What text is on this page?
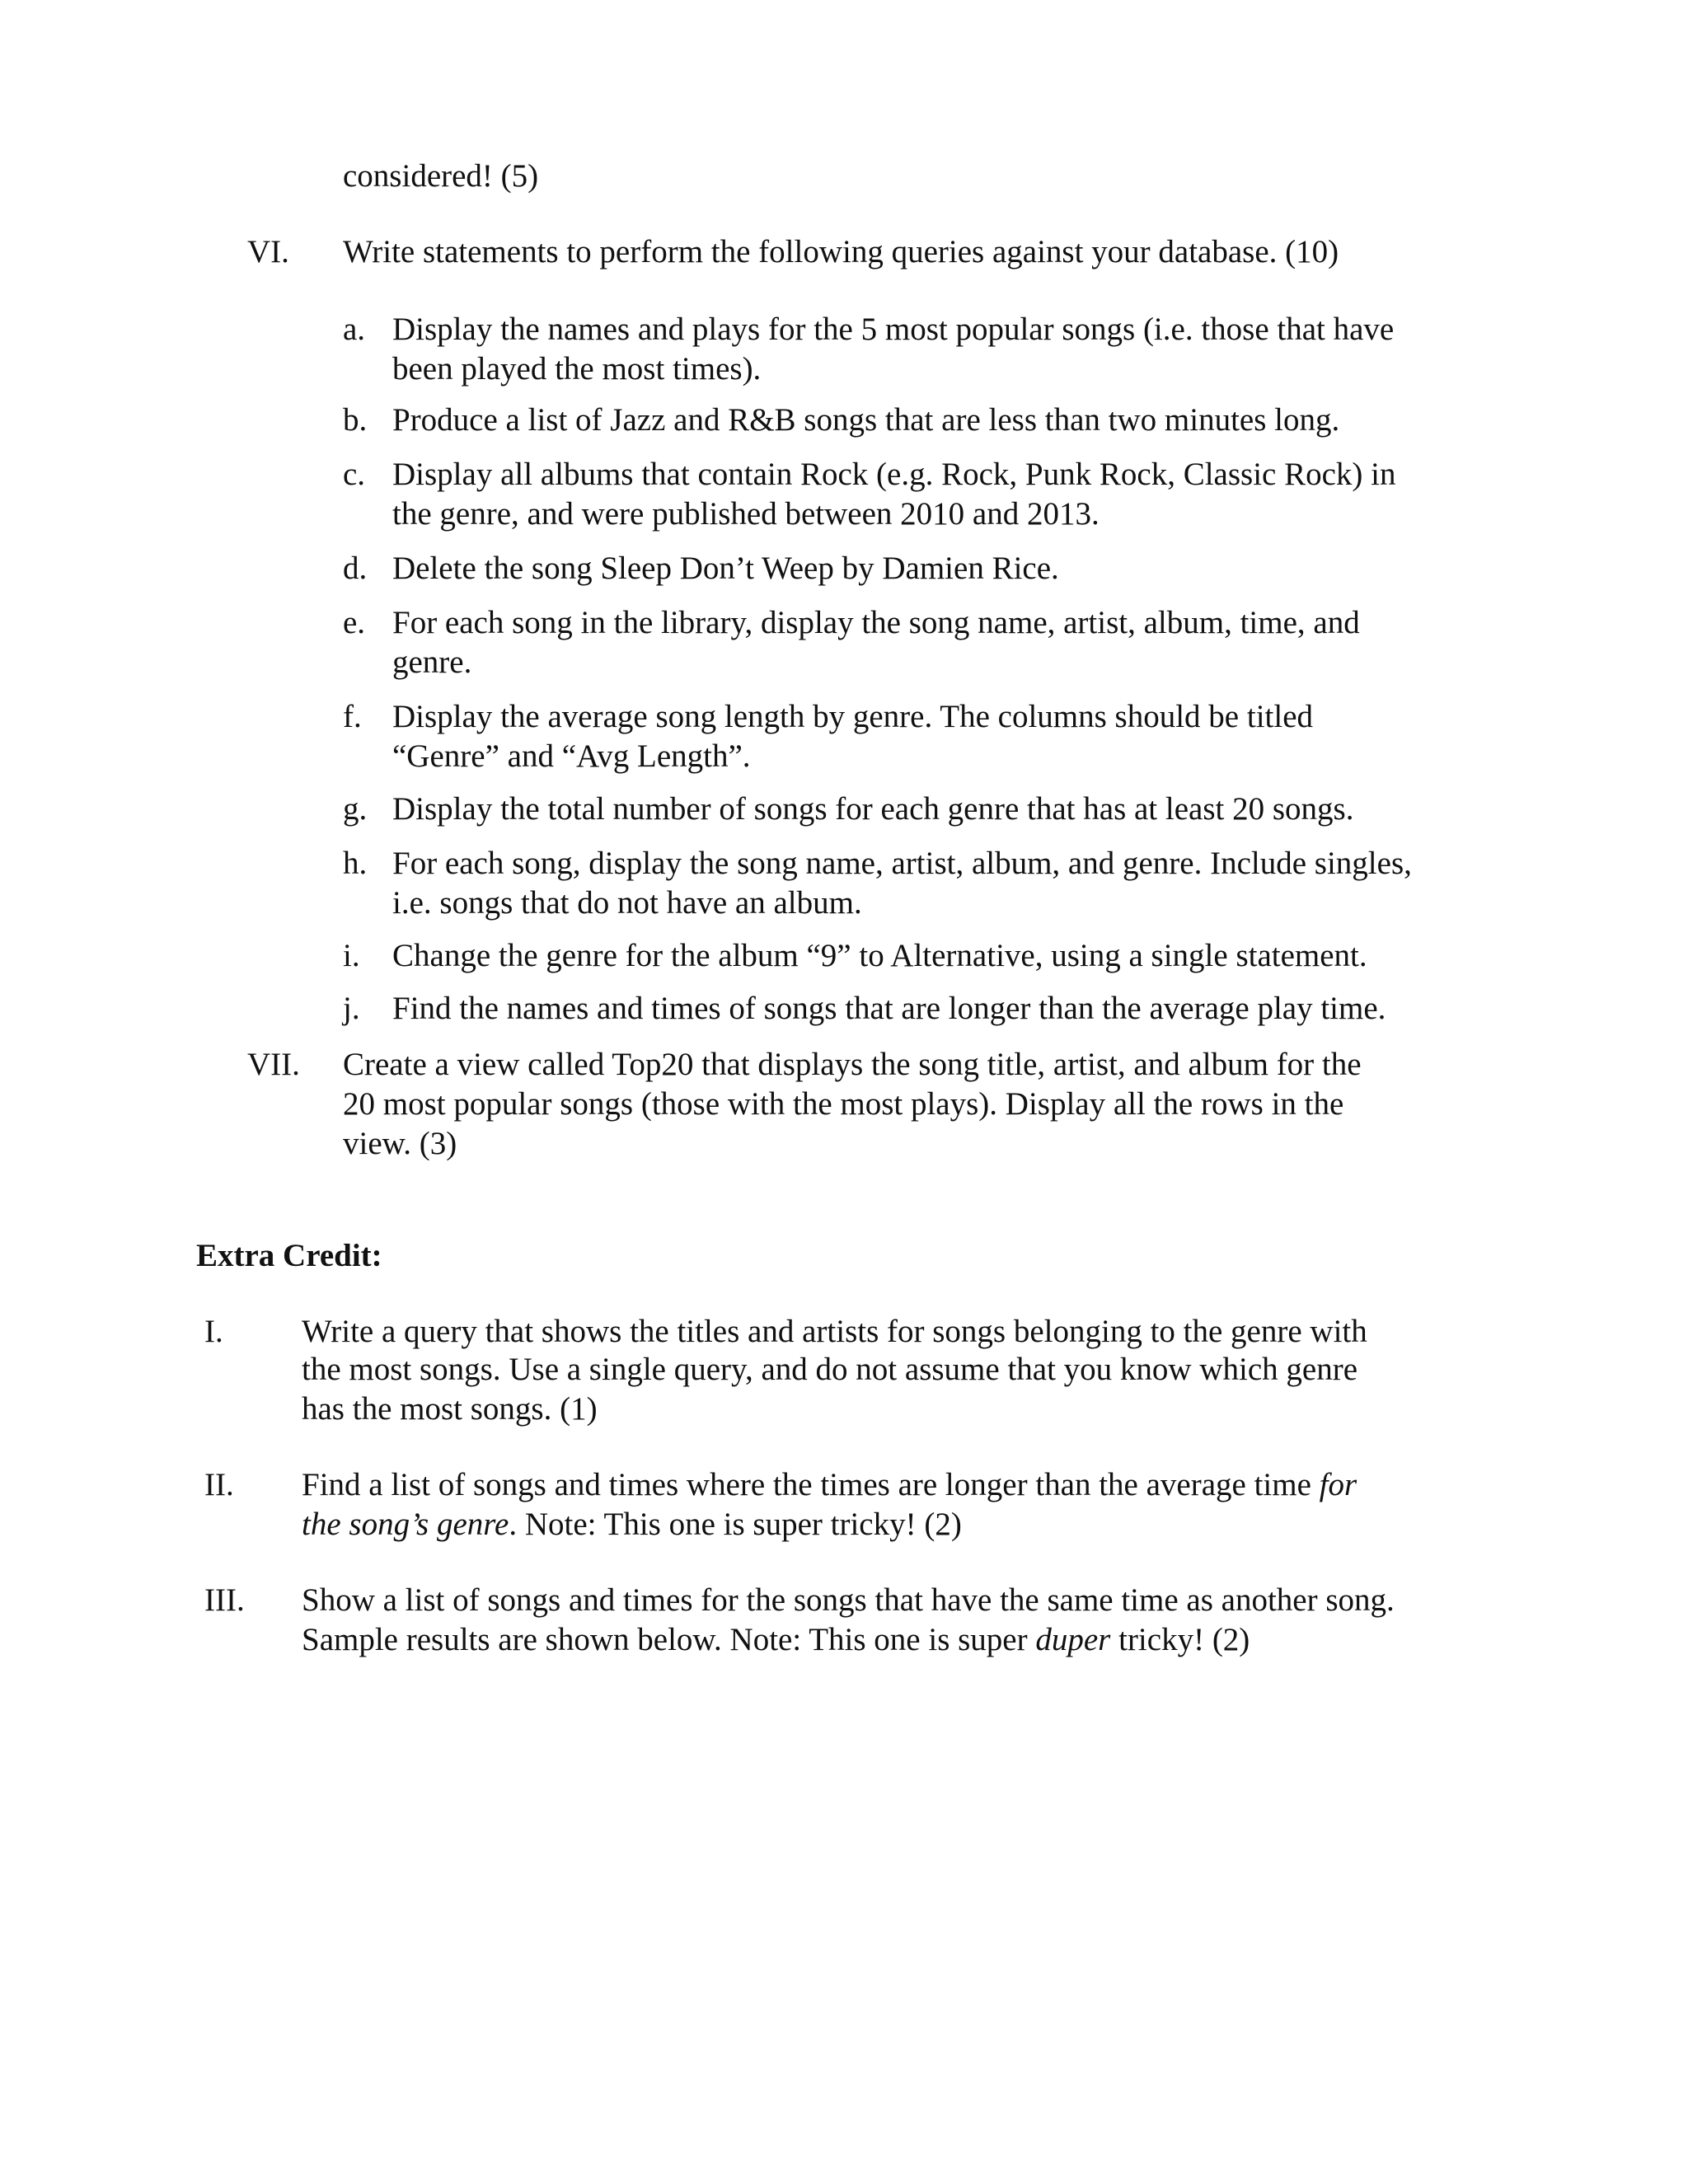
considered! (5)

VI. Write statements to perform the following queries against your database. (10)

a. Display the names and plays for the 5 most popular songs (i.e. those that have

been played the most times).

b. Produce a list of Jazz and R&B songs that are less than two minutes long.

c. Display all albums that contain Rock (e.g. Rock, Punk Rock, Classic Rock) in

the genre, and were published between 2010 and 2013.

d. Delete the song Sleep Don’t Weep by Damien Rice.

e. For each song in the library, display the song name, artist, album, time, and

genre.

f. Display the average song length by genre. The columns should be titled

“Genre” and “Avg Length”.

g. Display the total number of songs for each genre that has at least 20 songs.

h. For each song, display the song name, artist, album, and genre. Include singles,

i.e. songs that do not have an album.

i. Change the genre for the album “9” to Alternative, using a single statement.

j. Find the names and times of songs that are longer than the average play time.

VII. Create a view called Top20 that displays the song title, artist, and album for the

20 most popular songs (those with the most plays). Display all the rows in the

view. (3)

Extra Credit:
I. Write a query that shows the titles and artists for songs belonging to the genre with

the most songs. Use a single query, and do not assume that you know which genre

has the most songs. (1)

II. Find a list of songs and times where the times are longer than the average time for

the song’s genre. Note: This one is super tricky! (2)

III. Show a list of songs and times for the songs that have the same time as another song.

Sample results are shown below. Note: This one is super duper tricky! (2)
